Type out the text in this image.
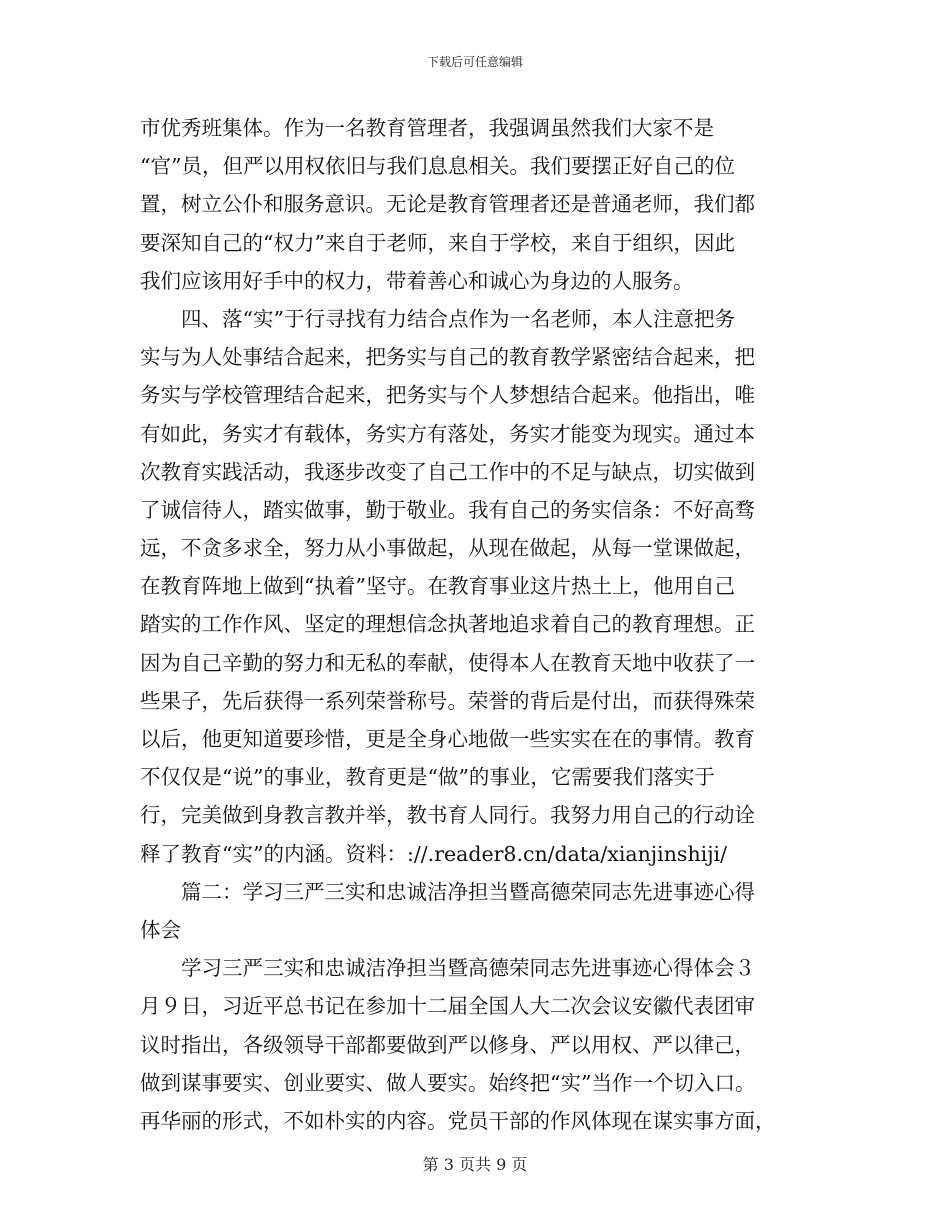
下载后可任意编辑
市优秀班集体。作为一名教育管理者，我强调虽然我们大家不是
“官”员，但严以用权依旧与我们息息相关。我们要摆正好自己的位
置，树立公仆和服务意识。无论是教育管理者还是普通老师，我们都
要深知自己的“权力”来自于老师，来自于学校，来自于组织，因此
我们应该用好手中的权力，带着善心和诚心为身边的人服务。
　　四、落“实”于行寻找有力结合点作为一名老师，本人注意把务
实与为人处事结合起来，把务实与自己的教育教学紧密结合起来，把
务实与学校管理结合起来，把务实与个人梦想结合起来。他指出，唯
有如此，务实才有载体，务实方有落处，务实才能变为现实。通过本
次教育实践活动，我逐步改变了自己工作中的不足与缺点，切实做到
了诚信待人，踏实做事，勤于敬业。我有自己的务实信条：不好高骛
远，不贪多求全，努力从小事做起，从现在做起，从每一堂课做起，
在教育阵地上做到“执着”坚守。在教育事业这片热土上，他用自己
踏实的工作作风、坚定的理想信念执著地追求着自己的教育理想。正
因为自己辛勤的努力和无私的奉献，使得本人在教育天地中收获了一
些果子，先后获得一系列荣誉称号。荣誉的背后是付出，而获得殊荣
以后，他更知道要珍惜，更是全身心地做一些实实在在的事情。教育
不仅仅是“说”的事业，教育更是“做”的事业，它需要我们落实于
行，完美做到身教言教并举，教书育人同行。我努力用自己的行动诠
释了教育“实”的内涵。资料：://.reader8.cn/data/xianjinshiji/
　　篇二：学习三严三实和忠诚洁净担当暨高德荣同志先进事迹心得
体会
　　学习三严三实和忠诚洁净担当暨高德荣同志先进事迹心得体会３
月９日，习近平总书记在参加十二届全国人大二次会议安徽代表团审
议时指出，各级领导干部都要做到严以修身、严以用权、严以律己，
做到谋事要实、创业要实、做人要实。始终把“实”当作一个切入口。
再华丽的形式，不如朴实的内容。党员干部的作风体现在谋实事方面，
第 3 页共 9 页
